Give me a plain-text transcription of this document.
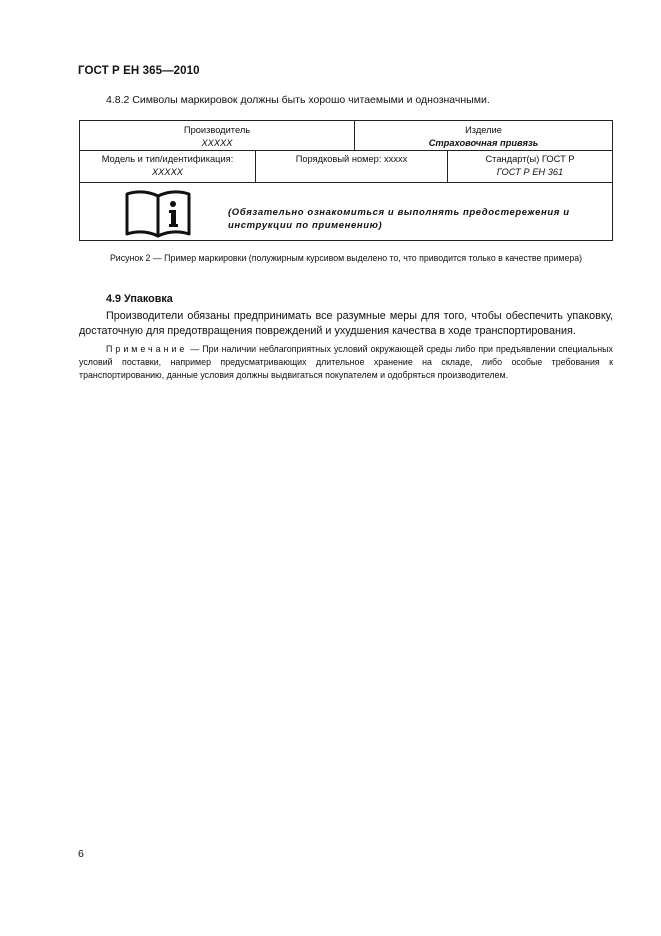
ГОСТ Р ЕН 365—2010
4.8.2 Символы маркировок должны быть хорошо читаемыми и однозначными.
Производитель
XXXXX
Изделие
Страховочная привязь
Модель и тип/идентификация:
XXXXX
Порядковый номер: xxxxx	Стандарт(ы) ГОСТ Р
ГОСТ Р ЕН 361
(Обязательно ознакомиться и выполнять предостережения и инструкции по применению)
Рисунок 2 — Пример маркировки (полужирным курсивом выделено то, что приводится только в качестве примера)
4.9 Упаковка
Производители обязаны предпринимать все разумные меры для того, чтобы обеспечить упаковку, достаточную для предотвращения повреждений и ухудшения качества в ходе транспортирования.
Примечание — При наличии неблагоприятных условий окружающей среды либо при предъявлении специальных условий поставки, например предусматривающих длительное хранение на складе, либо особые требования к транспортированию, данные условия должны выдвигаться покупателем и одобряться производителем.
6
